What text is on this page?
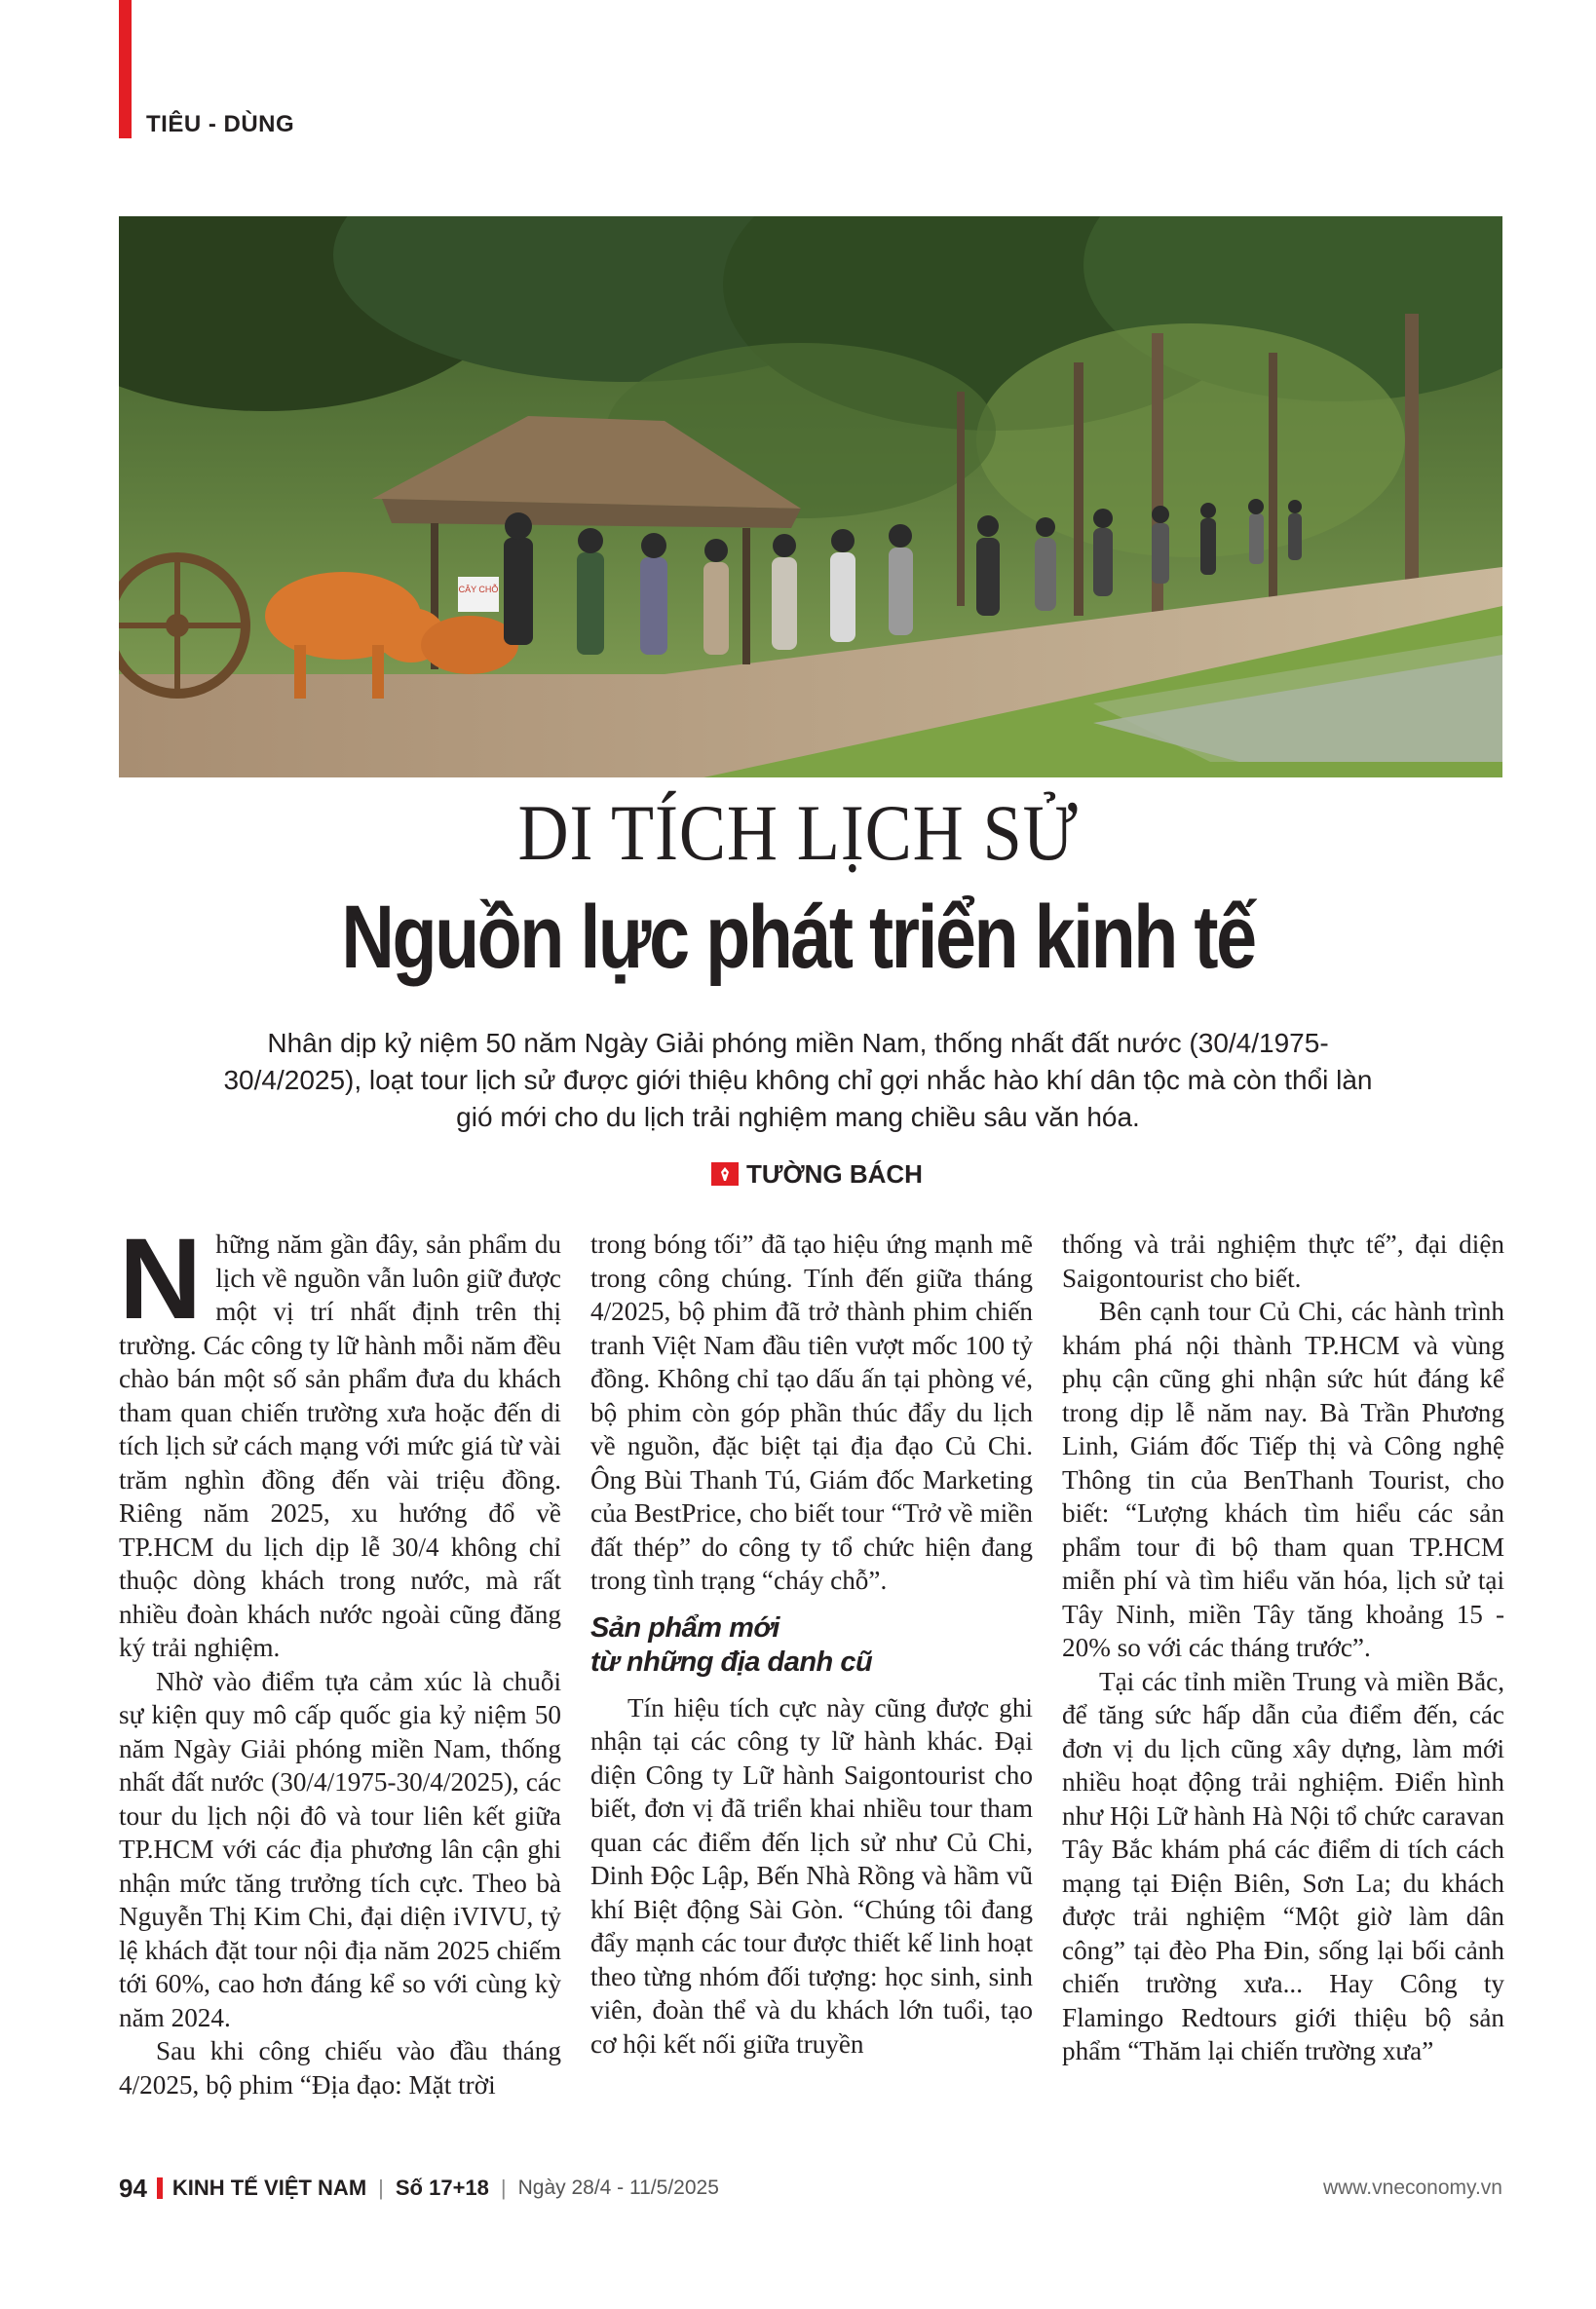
TIÊU - DÙNG
CÂY CHỖ
DI TÍCH LỊCH SỬ
Nguồn lực phát triển kinh tế
Nhân dịp kỷ niệm 50 năm Ngày Giải phóng miền Nam, thống nhất đất nước (30/4/1975-30/4/2025), loạt tour lịch sử được giới thiệu không chỉ gợi nhắc hào khí dân tộc mà còn thổi làn gió mới cho du lịch trải nghiệm mang chiều sâu văn hóa.
TƯỜNG BÁCH

N hững năm gần đây, sản phẩm du lịch về nguồn vẫn luôn giữ được một vị trí nhất định trên thị trường. Các công ty lữ hành mỗi năm đều chào bán một số sản phẩm đưa du khách tham quan chiến trường xưa hoặc đến di tích lịch sử cách mạng với mức giá từ vài trăm nghìn đồng đến vài triệu đồng. Riêng năm 2025, xu hướng đổ về TP.HCM du lịch dịp lễ 30/4 không chỉ thuộc dòng khách trong nước, mà rất nhiều đoàn khách nước ngoài cũng đăng ký trải nghiệm.

Nhờ vào điểm tựa cảm xúc là chuỗi sự kiện quy mô cấp quốc gia kỷ niệm 50 năm Ngày Giải phóng miền Nam, thống nhất đất nước (30/4/1975-30/4/2025), các tour du lịch nội đô và tour liên kết giữa TP.HCM với các địa phương lân cận ghi nhận mức tăng trưởng tích cực. Theo bà Nguyễn Thị Kim Chi, đại diện iVIVU, tỷ lệ khách đặt tour nội địa năm 2025 chiếm tới 60%, cao hơn đáng kể so với cùng kỳ năm 2024.

Sau khi công chiếu vào đầu tháng 4/2025, bộ phim “Địa đạo: Mặt trời

trong bóng tối” đã tạo hiệu ứng mạnh mẽ trong công chúng. Tính đến giữa tháng 4/2025, bộ phim đã trở thành phim chiến tranh Việt Nam đầu tiên vượt mốc 100 tỷ đồng. Không chỉ tạo dấu ấn tại phòng vé, bộ phim còn góp phần thúc đẩy du lịch về nguồn, đặc biệt tại địa đạo Củ Chi. Ông Bùi Thanh Tú, Giám đốc Marketing của BestPrice, cho biết tour “Trở về miền đất thép” do công ty tổ chức hiện đang trong tình trạng “cháy chỗ”.

Sản phẩm mới
từ những địa danh cũ

Tín hiệu tích cực này cũng được ghi nhận tại các công ty lữ hành khác. Đại diện Công ty Lữ hành Saigontourist cho biết, đơn vị đã triển khai nhiều tour tham quan các điểm đến lịch sử như Củ Chi, Dinh Độc Lập, Bến Nhà Rồng và hầm vũ khí Biệt động Sài Gòn. “Chúng tôi đang đẩy mạnh các tour được thiết kế linh hoạt theo từng nhóm đối tượng: học sinh, sinh viên, đoàn thể và du khách lớn tuổi, tạo cơ hội kết nối giữa truyền

thống và trải nghiệm thực tế”, đại diện Saigontourist cho biết.

Bên cạnh tour Củ Chi, các hành trình khám phá nội thành TP.HCM và vùng phụ cận cũng ghi nhận sức hút đáng kể trong dịp lễ năm nay. Bà Trần Phương Linh, Giám đốc Tiếp thị và Công nghệ Thông tin của BenThanh Tourist, cho biết: “Lượng khách tìm hiểu các sản phẩm tour đi bộ tham quan TP.HCM miễn phí và tìm hiểu văn hóa, lịch sử tại Tây Ninh, miền Tây tăng khoảng 15 - 20% so với các tháng trước”.

Tại các tỉnh miền Trung và miền Bắc, để tăng sức hấp dẫn của điểm đến, các đơn vị du lịch cũng xây dựng, làm mới nhiều hoạt động trải nghiệm. Điển hình như Hội Lữ hành Hà Nội tổ chức caravan Tây Bắc khám phá các điểm di tích cách mạng tại Điện Biên, Sơn La; du khách được trải nghiệm “Một giờ làm dân công” tại đèo Pha Đin, sống lại bối cảnh chiến trường xưa... Hay Công ty Flamingo Redtours giới thiệu bộ sản phẩm “Thăm lại chiến trường xưa”

94 KINH TẾ VIỆT NAM | Số 17+18 | Ngày 28/4 - 11/5/2025	www.vneconomy.vn
